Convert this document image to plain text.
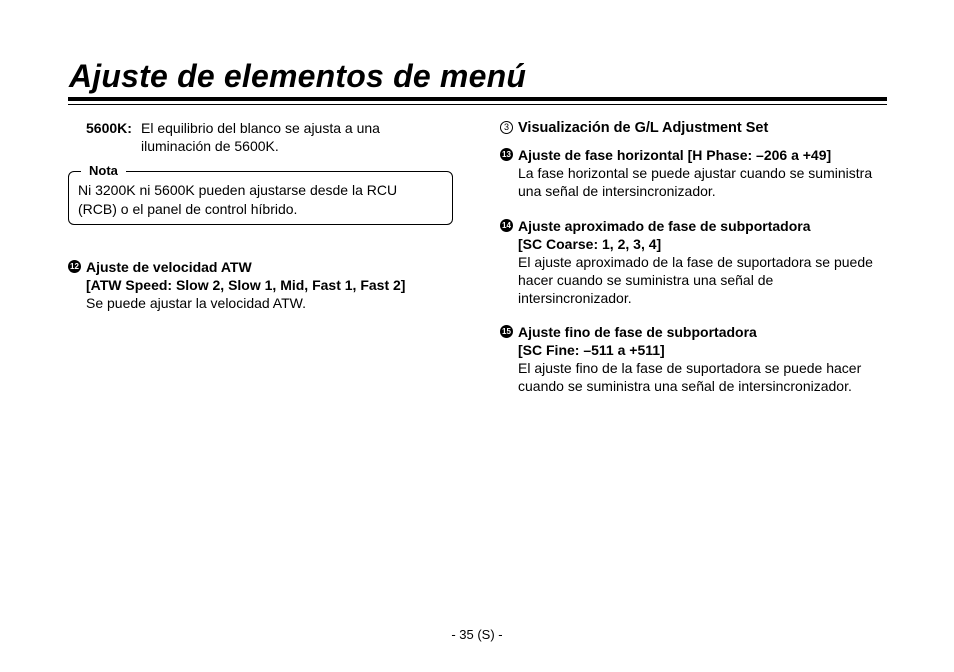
Ajuste de elementos de menú
5600K: El equilibrio del blanco se ajusta a una
iluminación de 5600K.
Nota
Ni 3200K ni 5600K pueden ajustarse desde la RCU
(RCB) o el panel de control híbrido.
12 Ajuste de velocidad ATW
[ATW Speed: Slow 2, Slow 1, Mid, Fast 1, Fast 2]
Se puede ajustar la velocidad ATW.
3 Visualización de G/L Adjustment Set
13 Ajuste de fase horizontal [H Phase: –206 a +49]
La fase horizontal se puede ajustar cuando se suministra
una señal de intersincronizador.
14 Ajuste aproximado de fase de subportadora
[SC Coarse: 1, 2, 3, 4]
El ajuste aproximado de la fase de suportadora se puede
hacer cuando se suministra una señal de
intersincronizador.
15 Ajuste fino de fase de subportadora
[SC Fine: –511 a +511]
El ajuste fino de la fase de suportadora se puede hacer
cuando se suministra una señal de intersincronizador.
- 35 (S) -
